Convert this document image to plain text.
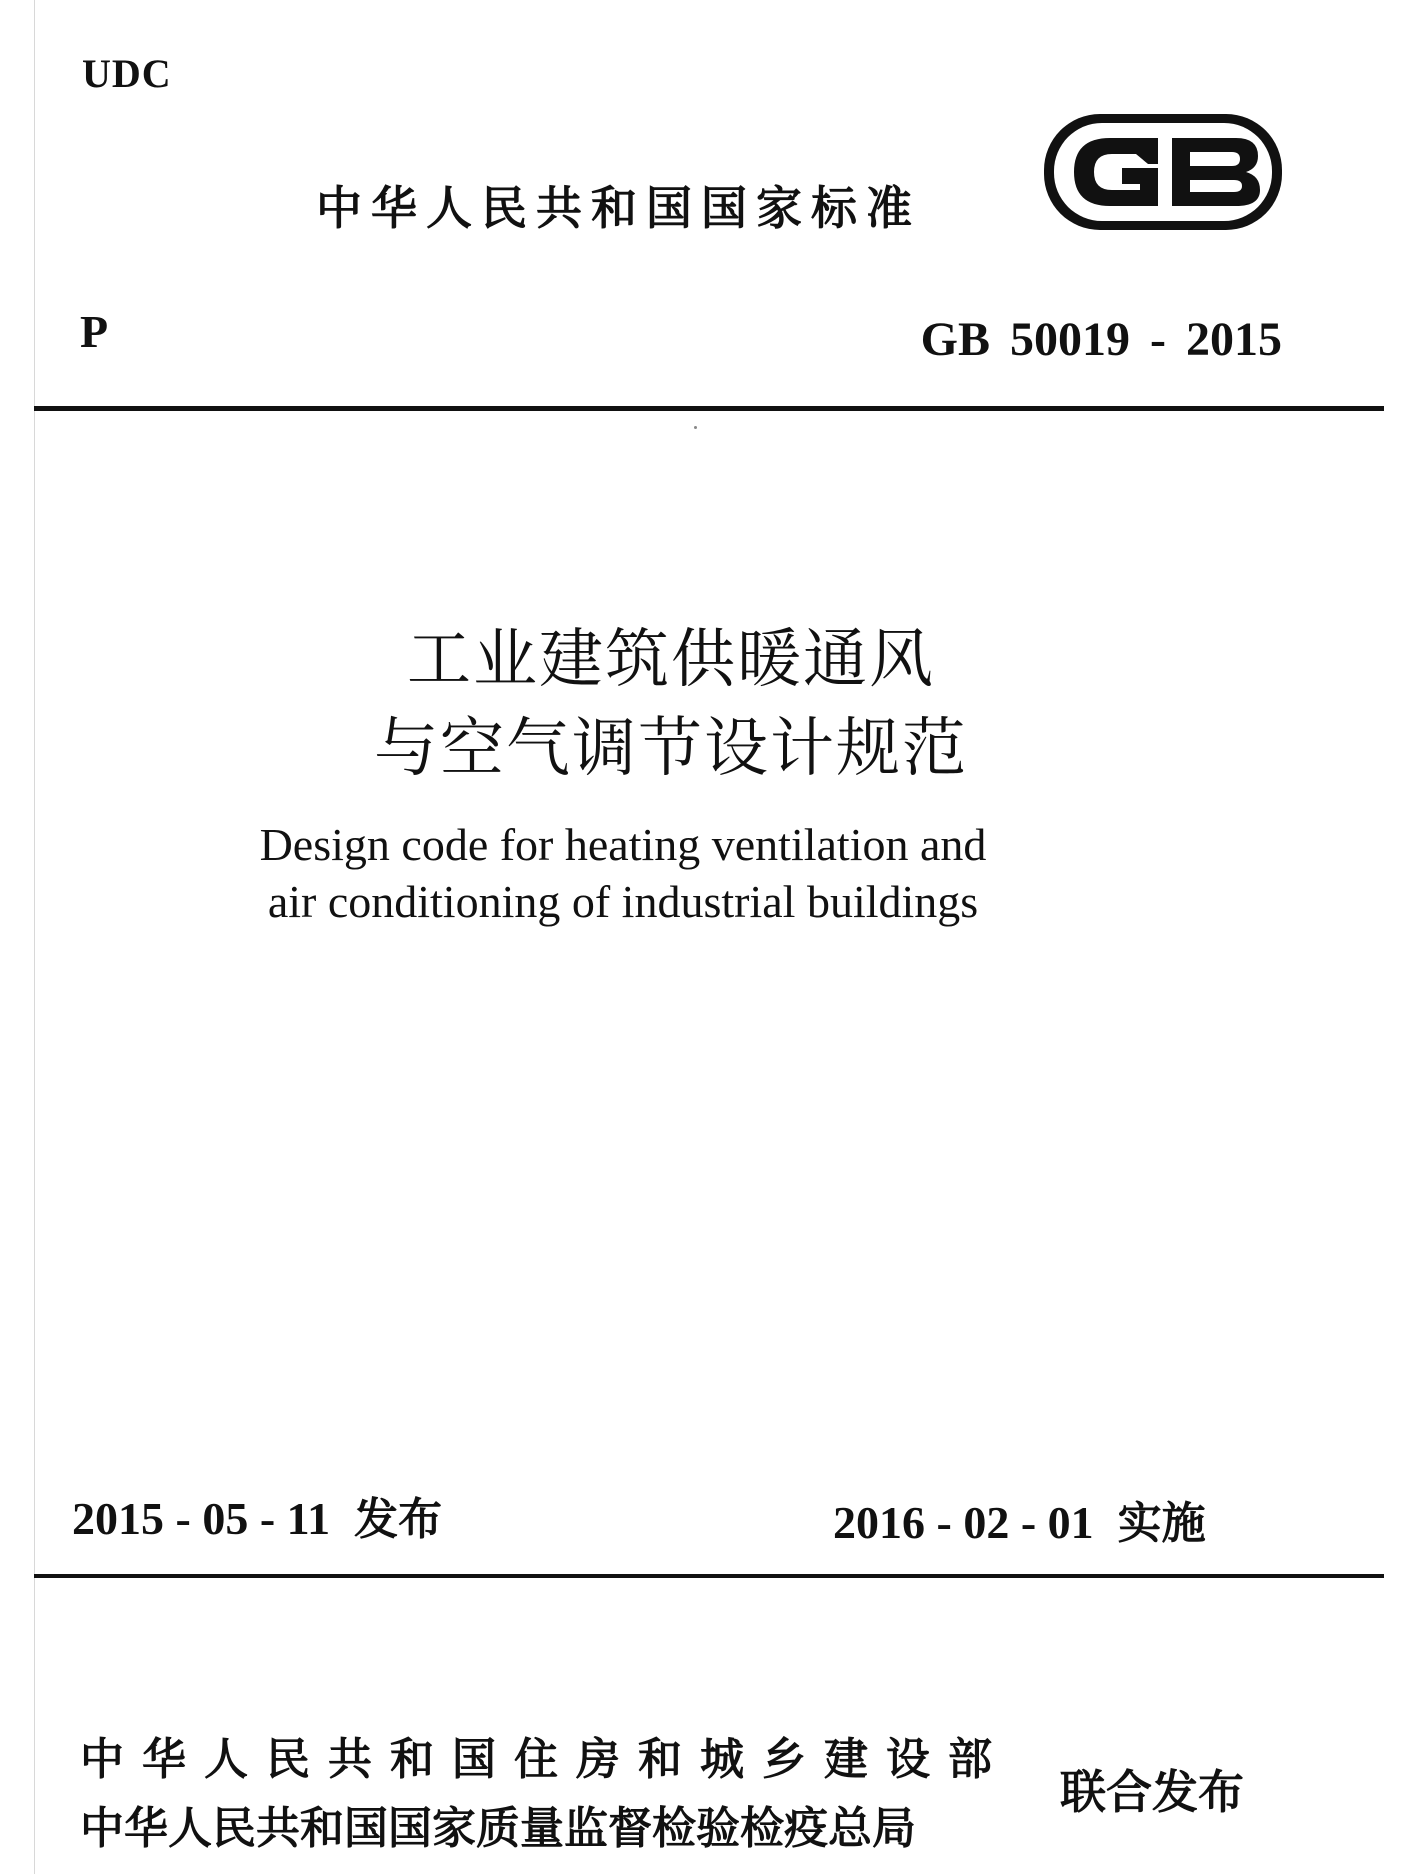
UDC
中华人民共和国国家标准
P	GB 50019 - 2015
工业建筑供暖通风
与空气调节设计规范
Design code for heating ventilation and
air conditioning of industrial buildings
2015 - 05 - 11 发布	2016 - 02 - 01 实施
中华人民共和国住房和城乡建设部
中华人民共和国国家质量监督检验检疫总局
联合发布
